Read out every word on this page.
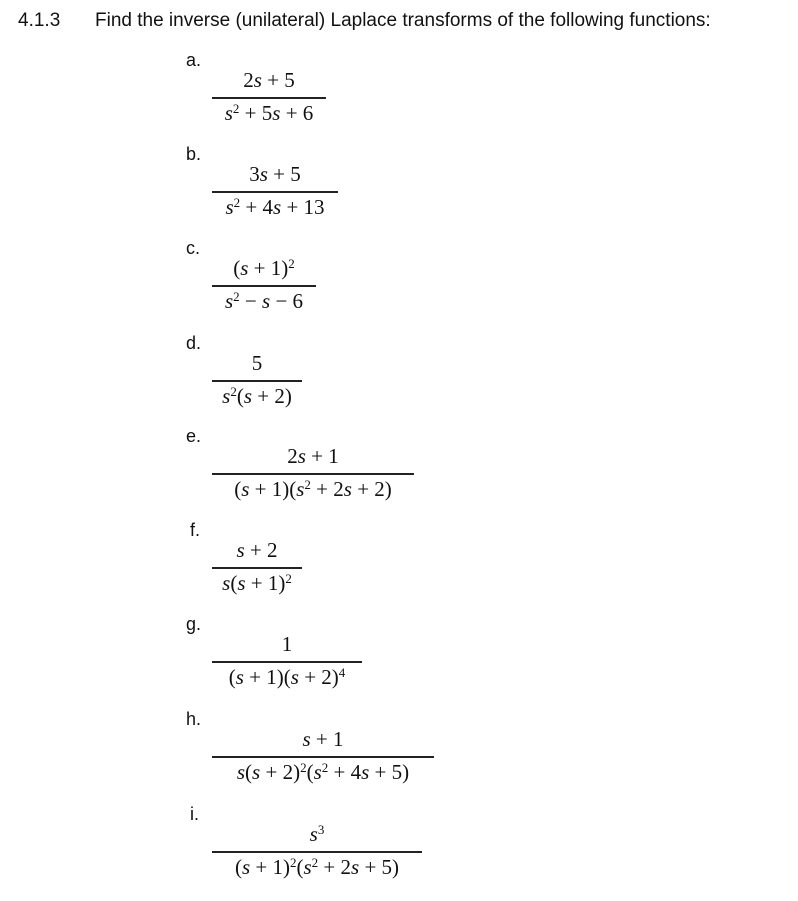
4.1.3 Find the inverse (unilateral) Laplace transforms of the following functions:
a.
2s + 5
$s^2 + 5s + 6$
b.
3s + 5
$s^2 + 4s + 13$
c.
$(s + 1)^2$
$s^2 - s - 6$
d.
5
$s^2(s + 2)$
e.
2s + 1
$(s + 1)(s^2 + 2s + 2)$
f.
s + 2
$s(s + 1)^2$
g.
1
$(s + 1)(s + 2)^4$
h.
s + 1
$s(s + 2)^2(s^2 + 4s + 5)$
i.
$s^3$
$(s + 1)^2(s^2 + 2s + 5)$
